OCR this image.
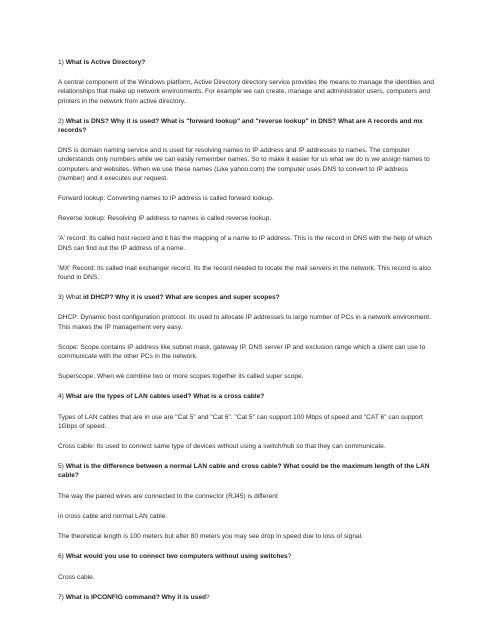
1) What is Active Directory?

A central component of the Windows platform, Active Directory directory service provides the means to manage the identities and relationships that make up network environments. For example we can create, manage and administrator users, computers and printers in the network from active directory.

2) What is DNS? Why it is used? What is "forward lookup" and "reverse lookup" in DNS? What are A records and mx records?

DNS is domain naming service and is used for resolving names to IP address and IP addresses to names. The computer understands only numbers while we can easily remember names. So to make it easier for us what we do is we assign names to computers and websites. When we use these names (Like yahoo.com) the computer uses DNS to convert to IP address (number) and it executes our request.

Forward lookup: Converting names to IP address is called forward lookup.

Reverse lookup: Resolving IP address to names is called reverse lookup.

'A' record: Its called host record and it has the mapping of a name to IP address. This is the record in DNS with the help of which DNS can find out the IP address of a name.

'MX' Record: its called mail exchanger record. Its the record needed to locate the mail servers in the network. This record is also found in DNS.

3) What id DHCP? Why it is used? What are scopes and super scopes?

DHCP: Dynamic host configuration protocol. Its used to allocate IP addresses to large number of PCs in a network environment. This makes the IP management very easy.

Scope: Scope contains IP address like subnet mask, gateway IP, DNS server IP and exclusion range which a client can use to communicate with the other PCs in the network.

Superscope: When we combine two or more scopes together its called super scope.

4) What are the types of LAN cables used? What is a cross cable?

Types of LAN cables that are in use are "Cat 5" and "Cat 6". "Cat 5" can support 100 Mbps of speed and "CAT 6" can support 1Gbps of speed.

Cross cable: Its used to connect same type of devices without using a switch/hub so that they can communicate.

5) What is the difference between a normal LAN cable and cross cable? What could be the maximum length of the LAN cable?

The way the paired wires are connected to the connector (RJ45) is different

in cross cable and normal LAN cable.

The theoretical length is 100 meters but after 80 meters you may see drop in speed due to loss of signal.

6) What would you use to connect two computers without using switches?

Cross cable.

7) What is IPCONFIG command? Why it is used?
